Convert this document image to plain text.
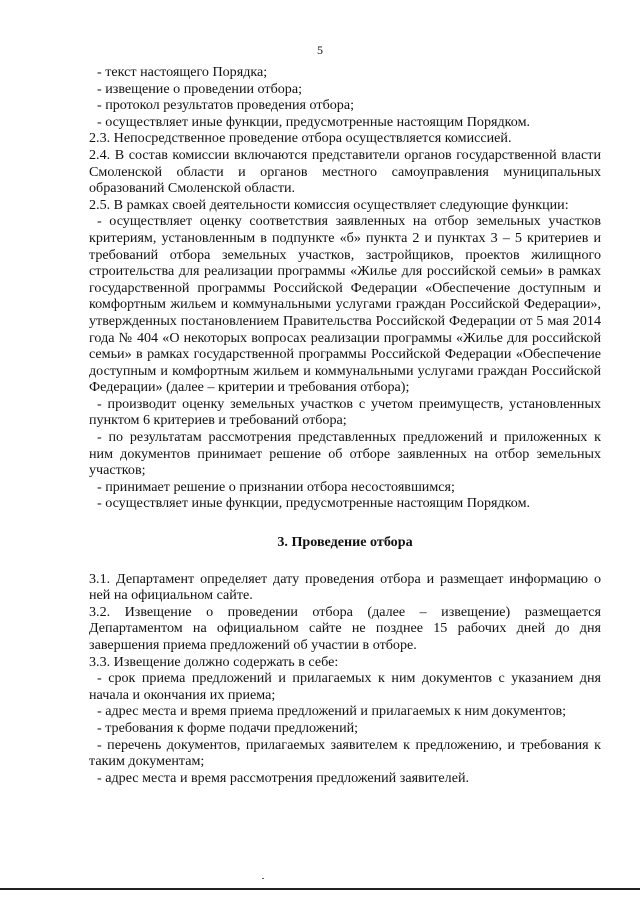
5

- текст настоящего Порядка;

- извещение о проведении отбора;

- протокол результатов проведения отбора;

- осуществляет иные функции, предусмотренные настоящим Порядком.

2.3. Непосредственное проведение отбора осуществляется комиссией.

2.4. В состав комиссии включаются представители органов государственной власти Смоленской области и органов местного самоуправления муниципальных образований Смоленской области.

2.5. В рамках своей деятельности комиссия осуществляет следующие функции:

- осуществляет оценку соответствия заявленных на отбор земельных участков критериям, установленным в подпункте «б» пункта 2 и пунктах 3 – 5 критериев и требований отбора земельных участков, застройщиков, проектов жилищного строительства для реализации программы «Жилье для российской семьи» в рамках государственной программы Российской Федерации «Обеспечение доступным и комфортным жильем и коммунальными услугами граждан Российской Федерации», утвержденных постановлением Правительства Российской Федерации от 5 мая 2014 года № 404 «О некоторых вопросах реализации программы «Жилье для российской семьи» в рамках государственной программы Российской Федерации «Обеспечение доступным и комфортным жильем и коммунальными услугами граждан Российской Федерации» (далее – критерии и требования отбора);

- производит оценку земельных участков с учетом преимуществ, установленных пунктом 6 критериев и требований отбора;

- по результатам рассмотрения представленных предложений и приложенных к ним документов принимает решение об отборе заявленных на отбор земельных участков;

- принимает решение о признании отбора несостоявшимся;

- осуществляет иные функции, предусмотренные настоящим Порядком.

3. Проведение отбора

3.1. Департамент определяет дату проведения отбора и размещает информацию о ней на официальном сайте.

3.2. Извещение о проведении отбора (далее – извещение) размещается Департаментом на официальном сайте не позднее 15 рабочих дней до дня завершения приема предложений об участии в отборе.

3.3. Извещение должно содержать в себе:

- срок приема предложений и прилагаемых к ним документов с указанием дня начала и окончания их приема;

- адрес места и время приема предложений и прилагаемых к ним документов;

- требования к форме подачи предложений;

- перечень документов, прилагаемых заявителем к предложению, и требования к таким документам;

- адрес места и время рассмотрения предложений заявителей.
